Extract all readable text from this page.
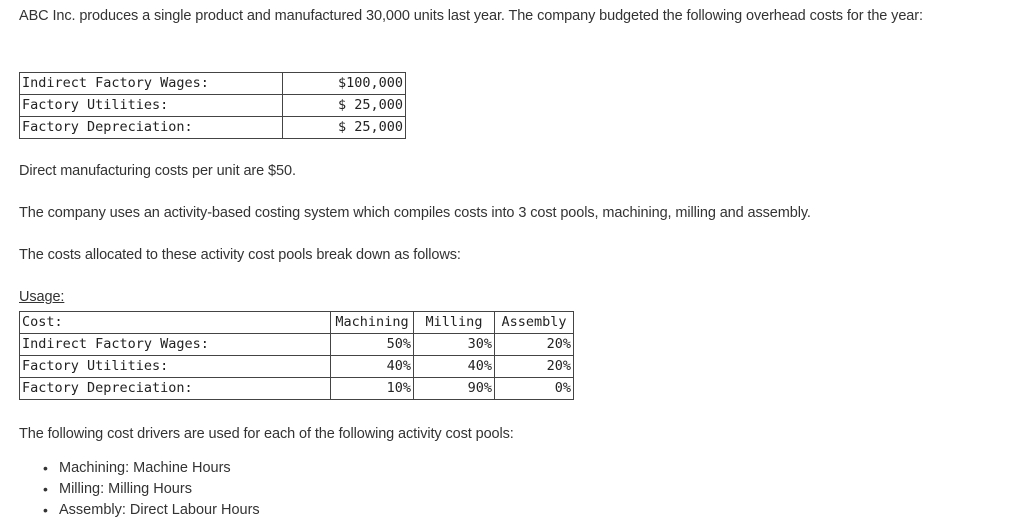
ABC Inc. produces a single product and manufactured 30,000 units last year. The company budgeted the following overhead costs for the year:

Indirect Factory Wages:	$100,000
Factory Utilities:	$ 25,000
Factory Depreciation:	$ 25,000

Direct manufacturing costs per unit are $50.

The company uses an activity-based costing system which compiles costs into 3 cost pools, machining, milling and assembly.

The costs allocated to these activity cost pools break down as follows:

Usage:

Cost:	Machining	Milling	Assembly
Indirect Factory Wages:	50%	30%	20%
Factory Utilities:	40%	40%	20%
Factory Depreciation:	10%	90%	0%

The following cost drivers are used for each of the following activity cost pools:

• Machining: Machine Hours
• Milling: Milling Hours
• Assembly: Direct Labour Hours
